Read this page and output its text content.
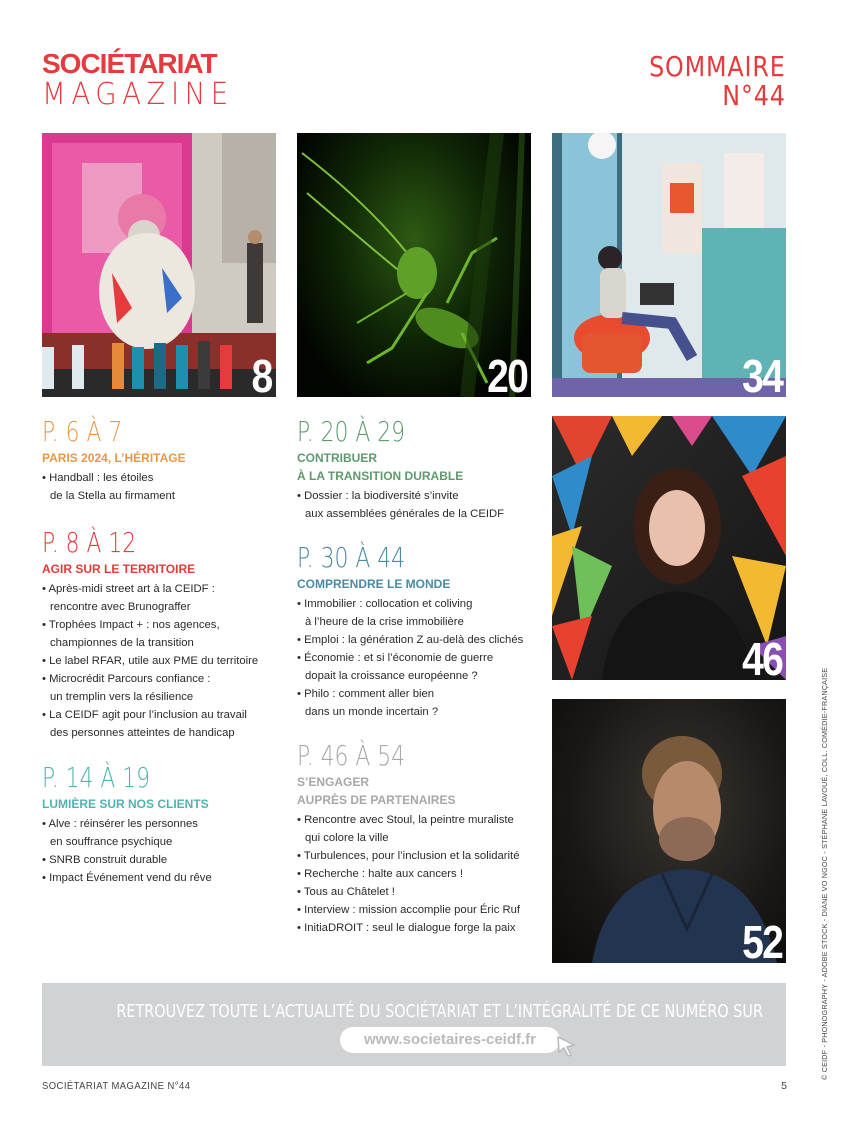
SOCIÉTARIAT
MAGAZINE
SOMMAIRE
N°44
8	20	34
46
52
P. 6 À 7
PARIS 2024, L’HÉRITAGE
• Handball : les étoiles
de la Stella au firmament
P. 8 À 12
AGIR SUR LE TERRITOIRE
• Après-midi street art à la CEIDF :
rencontre avec Brunograffer
• Trophées Impact + : nos agences,
championnes de la transition
• Le label RFAR, utile aux PME du territoire
• Microcrédit Parcours confiance :
un tremplin vers la résilience
• La CEIDF agit pour l’inclusion au travail
des personnes atteintes de handicap
P. 14 À 19
LUMIÈRE SUR NOS CLIENTS
• Alve : réinsérer les personnes
en souffrance psychique
• SNRB construit durable
• Impact Événement vend du rêve
P. 20 À 29
CONTRIBUER
À LA TRANSITION DURABLE
• Dossier : la biodiversité s’invite
aux assemblées générales de la CEIDF
P. 30 À 44
COMPRENDRE LE MONDE
• Immobilier : collocation et coliving
à l’heure de la crise immobilière
• Emploi : la génération Z au-delà des clichés
• Économie : et si l’économie de guerre
dopait la croissance européenne ?
• Philo : comment aller bien
dans un monde incertain ?
P. 46 À 54
S’ENGAGER
AUPRÈS DE PARTENAIRES
• Rencontre avec Stoul, la peintre muraliste
qui colore la ville
• Turbulences, pour l’inclusion et la solidarité
• Recherche : halte aux cancers !
• Tous au Châtelet !
• Interview : mission accomplie pour Éric Ruf
• InitiaDROIT : seul le dialogue forge la paix
RETROUVEZ TOUTE L’ACTUALITÉ DU SOCIÉTARIAT ET L’INTÉGRALITÉ DE CE NUMÉRO SUR
www.societaires-ceidf.fr
SOCIÉTARIAT MAGAZINE N°44	5
© CEIDF - PHONOGRAPHY - ADOBE STOCK - DIANE VO NGOC - STÉPHANE LAVOUÉ, COLL. COMÉDIE-FRANÇAISE
